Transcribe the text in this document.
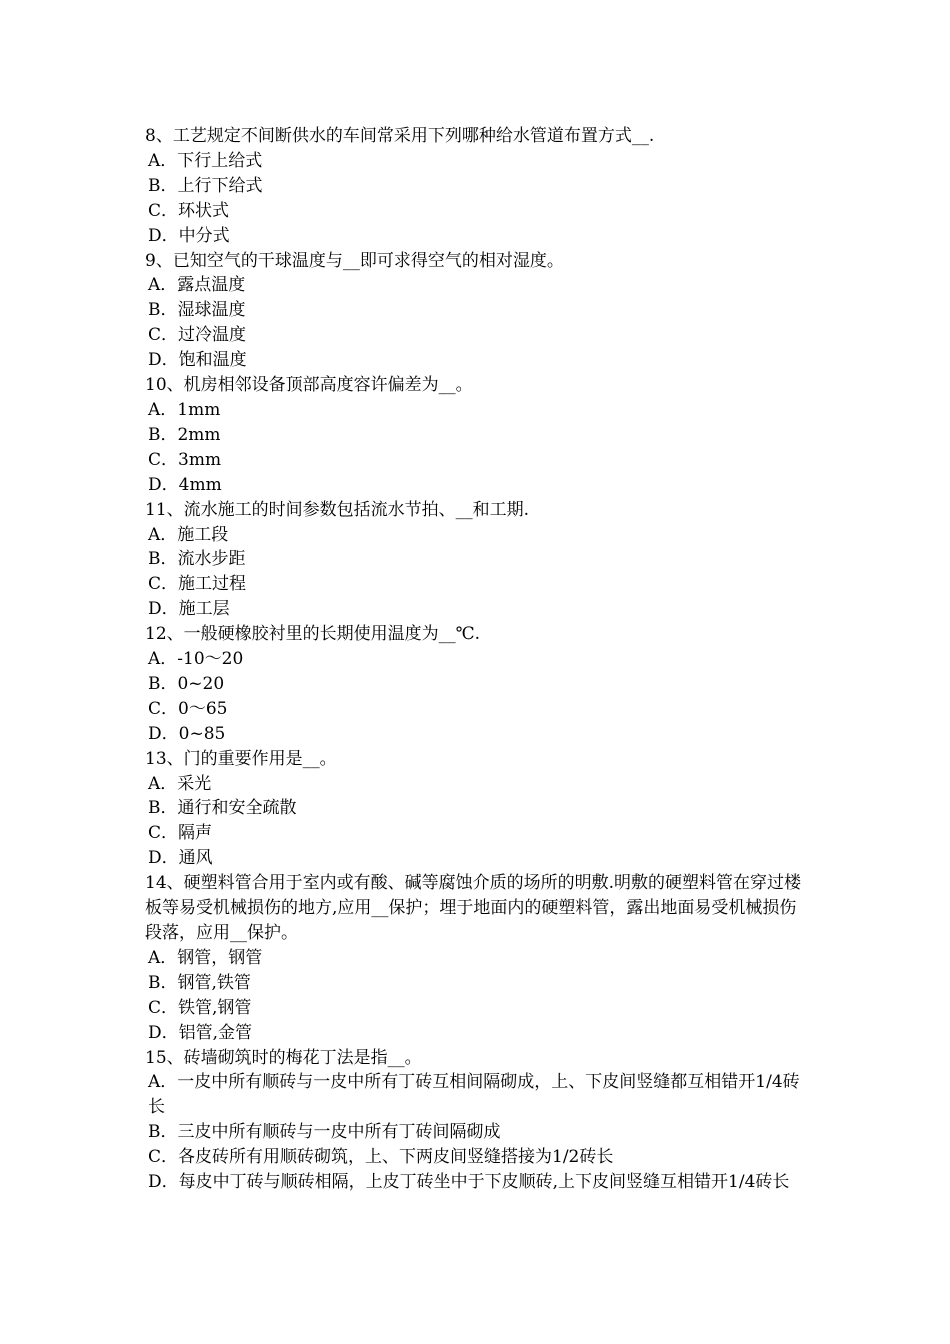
8、工艺规定不间断供水的车间常采用下列哪种给水管道布置方式__.
A．下行上给式
B．上行下给式
C．环状式
D．中分式
9、已知空气的干球温度与__即可求得空气的相对湿度。
A．露点温度
B．湿球温度
C．过冷温度
D．饱和温度
10、机房相邻设备顶部高度容许偏差为__。
A．1mm
B．2mm
C．3mm
D．4mm
11、流水施工的时间参数包括流水节拍、__和工期.
A．施工段
B．流水步距
C．施工过程
D．施工层
12、一般硬橡胶衬里的长期使用温度为__℃.
A．-10～20
B．0~20
C．0～65
D．0~85
13、门的重要作用是__。
A．采光
B．通行和安全疏散
C．隔声
D．通风
14、硬塑料管合用于室内或有酸、碱等腐蚀介质的场所的明敷.明敷的硬塑料管在穿过楼板等易受机械损伤的地方,应用__保护；埋于地面内的硬塑料管，露出地面易受机械损伤段落，应用__保护。
A．钢管，钢管
B．钢管,铁管
C．铁管,钢管
D．铝管,金管
15、砖墙砌筑时的梅花丁法是指__。
A．一皮中所有顺砖与一皮中所有丁砖互相间隔砌成，上、下皮间竖缝都互相错开1/4砖长
B．三皮中所有顺砖与一皮中所有丁砖间隔砌成
C．各皮砖所有用顺砖砌筑，上、下两皮间竖缝搭接为1/2砖长
D．每皮中丁砖与顺砖相隔，上皮丁砖坐中于下皮顺砖,上下皮间竖缝互相错开1/4砖长
